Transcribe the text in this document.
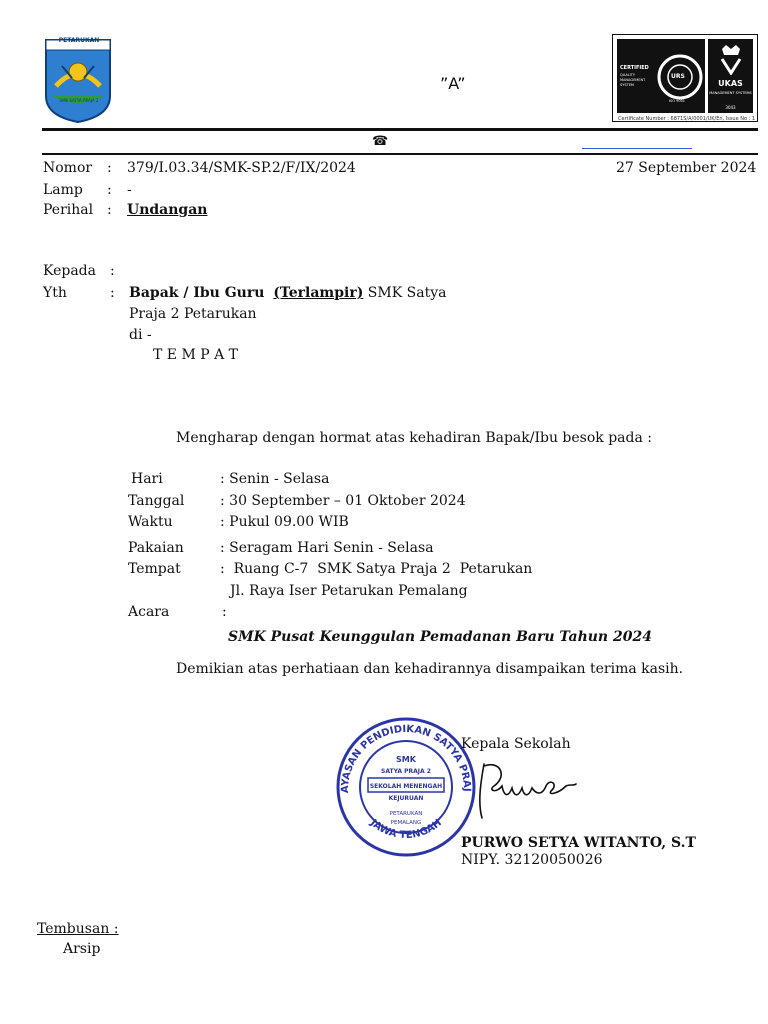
PETARUKAN
SMK SATYA PRAJA 2
”A”
CERTIFIED
QUALITY MANAGEMENT SYSTEM
URS
ISO 9001
UKAS
MANAGEMENT SYSTEMS
3043
Certificate Number : 6871S/A/0001/UK/En, Issue No : 1
☎
Nomor : 379/I.03.34/SMK-SP.2/F/IX/2024	27 September 2024
Lamp : -
Perihal : Undangan
Kepada :
Yth	: Bapak / Ibu Guru (Terlampir) SMK Satya
Praja 2 Petarukan
di -
T E M P A T
Mengharap dengan hormat atas kehadiran Bapak/Ibu besok pada :
Hari	: Senin - Selasa
Tanggal	: 30 September – 01 Oktober 2024
Waktu	: Pukul 09.00 WIB
Pakaian	: Seragam Hari Senin - Selasa
Tempat	:  Ruang C-7  SMK Satya Praja 2  Petarukan
Jl. Raya Iser Petarukan Pemalang
Acara	:
SMK Pusat Keunggulan Pemadanan Baru Tahun 2024
Demikian atas perhatiaan dan kehadirannya disampaikan terima kasih.
AYASAN PENDIDIKAN SATYA PRAJ
JAWA TENGAH
SMK
SATYA PRAJA 2
SEKOLAH MENENGAH
KEJURUAN
PETARUKAN
PEMALANG
Kepala Sekolah
PURWO SETYA WITANTO, S.T
NIPY. 32120050026
Tembusan :
Arsip
